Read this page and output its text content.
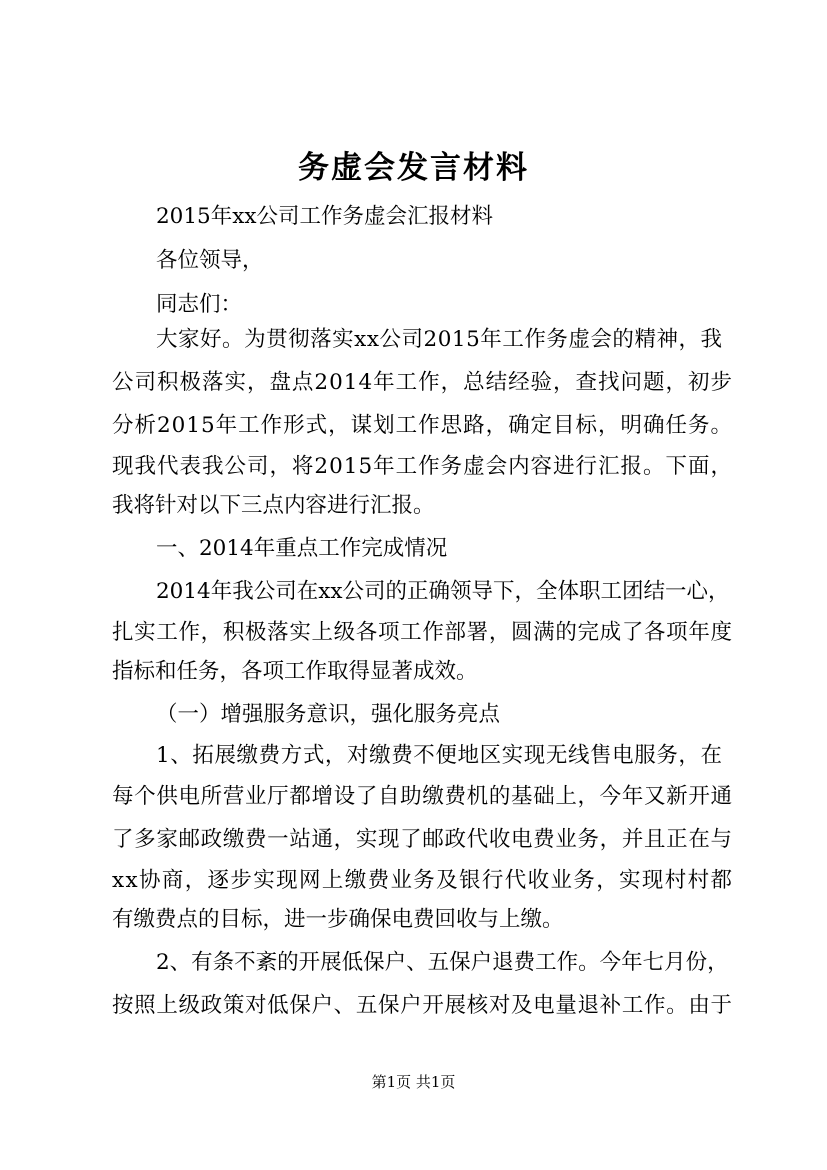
务虚会发言材料
2015年xx公司工作务虚会汇报材料
各位领导，
同志们：
大家好。为贯彻落实xx公司2015年工作务虚会的精神，我
公司积极落实，盘点2014年工作，总结经验，查找问题，初步
分析2015年工作形式，谋划工作思路，确定目标，明确任务。
现我代表我公司，将2015年工作务虚会内容进行汇报。下面，
我将针对以下三点内容进行汇报。
一、2014年重点工作完成情况
2014年我公司在xx公司的正确领导下，全体职工团结一心，
扎实工作，积极落实上级各项工作部署，圆满的完成了各项年度
指标和任务，各项工作取得显著成效。
（一）增强服务意识，强化服务亮点
1、拓展缴费方式，对缴费不便地区实现无线售电服务，在
每个供电所营业厅都增设了自助缴费机的基础上，今年又新开通
了多家邮政缴费一站通，实现了邮政代收电费业务，并且正在与
xx协商，逐步实现网上缴费业务及银行代收业务，实现村村都
有缴费点的目标，进一步确保电费回收与上缴。
2、有条不紊的开展低保户、五保户退费工作。今年七月份，
按照上级政策对低保户、五保户开展核对及电量退补工作。由于
第1页 共1页
